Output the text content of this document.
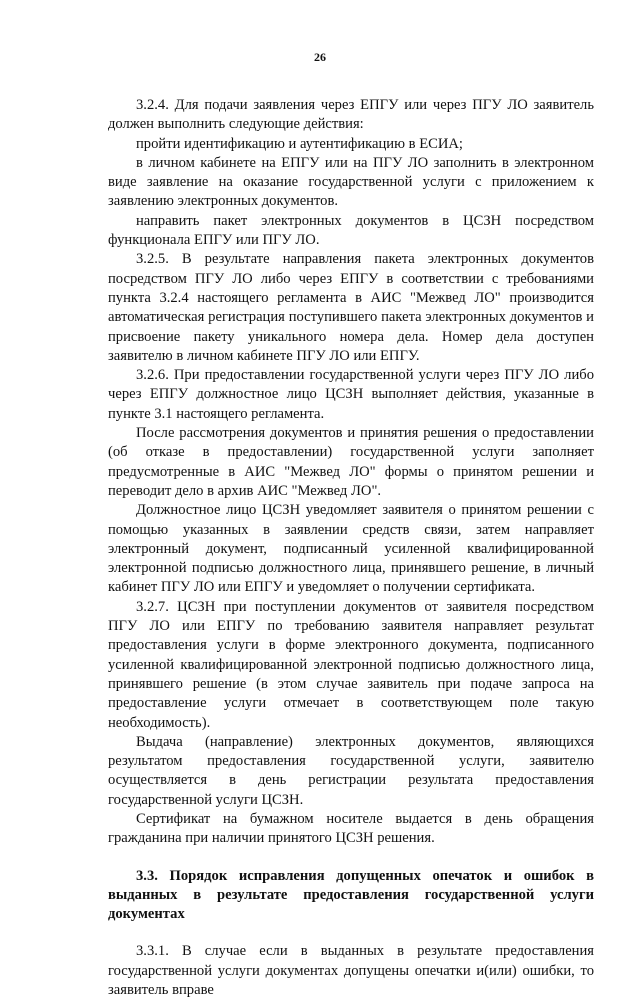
26

3.2.4. Для подачи заявления через ЕПГУ или через ПГУ ЛО заявитель должен выполнить следующие действия:

пройти идентификацию и аутентификацию в ЕСИА;

в личном кабинете на ЕПГУ или на ПГУ ЛО заполнить в электронном виде заявление на оказание государственной услуги с приложением к заявлению электронных документов.

направить пакет электронных документов в ЦСЗН посредством функционала ЕПГУ или ПГУ ЛО.

3.2.5. В результате направления пакета электронных документов посредством ПГУ ЛО либо через ЕПГУ в соответствии с требованиями пункта 3.2.4 настоящего регламента в АИС "Межвед ЛО" производится автоматическая регистрация поступившего пакета электронных документов и присвоение пакету уникального номера дела. Номер дела доступен заявителю в личном кабинете ПГУ ЛО или ЕПГУ.

3.2.6. При предоставлении государственной услуги через ПГУ ЛО либо через ЕПГУ должностное лицо ЦСЗН выполняет действия, указанные в пункте 3.1 настоящего регламента.

После рассмотрения документов и принятия решения о предоставлении (об отказе в предоставлении) государственной услуги заполняет предусмотренные в АИС "Межвед ЛО" формы о принятом решении и переводит дело в архив АИС "Межвед ЛО".

Должностное лицо ЦСЗН уведомляет заявителя о принятом решении с помощью указанных в заявлении средств связи, затем направляет электронный документ, подписанный усиленной квалифицированной электронной подписью должностного лица, принявшего решение, в личный кабинет ПГУ ЛО или ЕПГУ и уведомляет о получении сертификата.

3.2.7. ЦСЗН при поступлении документов от заявителя посредством ПГУ ЛО или ЕПГУ по требованию заявителя направляет результат предоставления услуги в форме электронного документа, подписанного усиленной квалифицированной электронной подписью должностного лица, принявшего решение (в этом случае заявитель при подаче запроса на предоставление услуги отмечает в соответствующем поле такую необходимость).

Выдача (направление) электронных документов, являющихся результатом предоставления государственной услуги, заявителю осуществляется в день регистрации результата предоставления государственной услуги ЦСЗН.

Сертификат на бумажном носителе выдается в день обращения гражданина при наличии принятого ЦСЗН решения.

3.3. Порядок исправления допущенных опечаток и ошибок в выданных в результате предоставления государственной услуги документах

3.3.1. В случае если в выданных в результате предоставления государственной услуги документах допущены опечатки и(или) ошибки, то заявитель вправе
